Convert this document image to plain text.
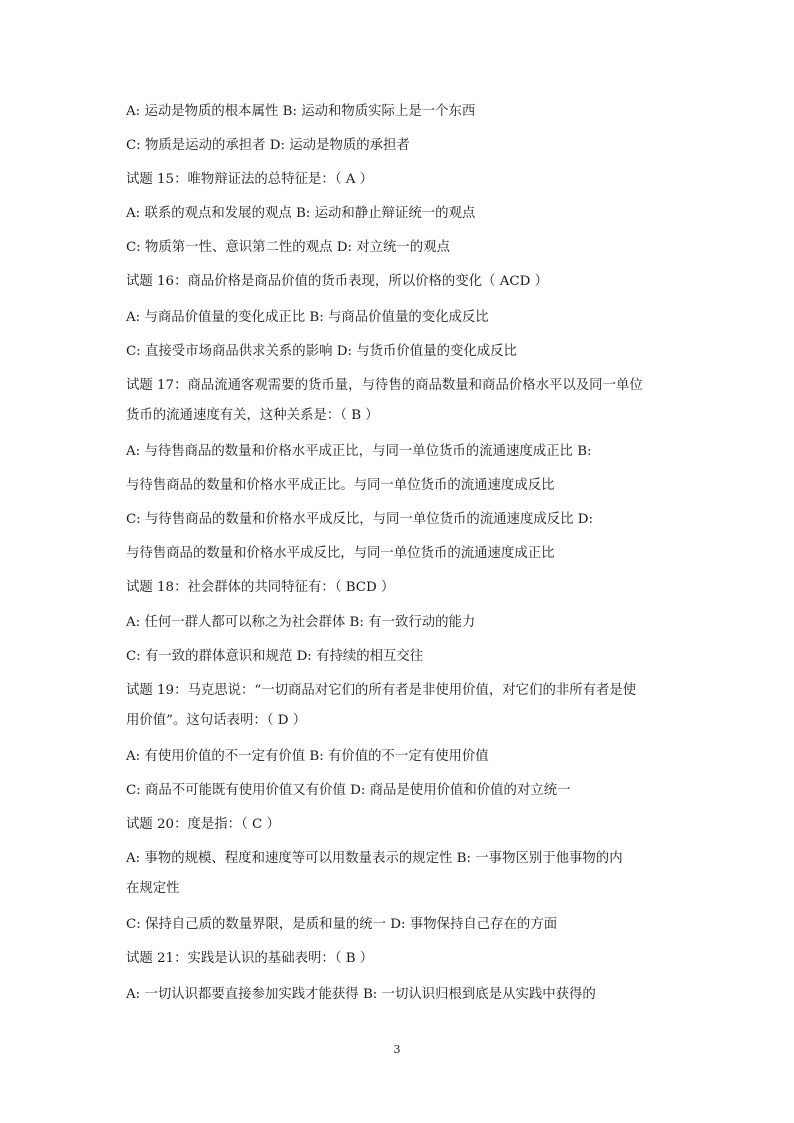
A: 运动是物质的根本属性 B: 运动和物质实际上是一个东西
C: 物质是运动的承担者 D: 运动是物质的承担者
试题 15：唯物辩证法的总特征是：（ A ）
A: 联系的观点和发展的观点 B: 运动和静止辩证统一的观点
C: 物质第一性、意识第二性的观点 D: 对立统一的观点
试题 16：商品价格是商品价值的货币表现，所以价格的变化（ ACD ）
A: 与商品价值量的变化成正比 B: 与商品价值量的变化成反比
C: 直接受市场商品供求关系的影响 D: 与货币价值量的变化成反比
试题 17：商品流通客观需要的货币量，与待售的商品数量和商品价格水平以及同一单位
货币的流通速度有关，这种关系是：（ B ）
A: 与待售商品的数量和价格水平成正比，与同一单位货币的流通速度成正比 B:
与待售商品的数量和价格水平成正比。与同一单位货币的流通速度成反比
C: 与待售商品的数量和价格水平成反比，与同一单位货币的流通速度成反比 D:
与待售商品的数量和价格水平成反比，与同一单位货币的流通速度成正比
试题 18：社会群体的共同特征有：（ BCD ）
A: 任何一群人都可以称之为社会群体 B: 有一致行动的能力
C: 有一致的群体意识和规范 D: 有持续的相互交往
试题 19：马克思说：“一切商品对它们的所有者是非使用价值，对它们的非所有者是使
用价值”。这句话表明：（ D ）
A: 有使用价值的不一定有价值 B: 有价值的不一定有使用价值
C: 商品不可能既有使用价值又有价值 D: 商品是使用价值和价值的对立统一
试题 20：度是指：（ C ）
A: 事物的规模、程度和速度等可以用数量表示的规定性 B: 一事物区别于他事物的内
在规定性
C: 保持自己质的数量界限，是质和量的统一 D: 事物保持自己存在的方面
试题 21：实践是认识的基础表明：（ B ）
A: 一切认识都要直接参加实践才能获得 B: 一切认识归根到底是从实践中获得的
3
